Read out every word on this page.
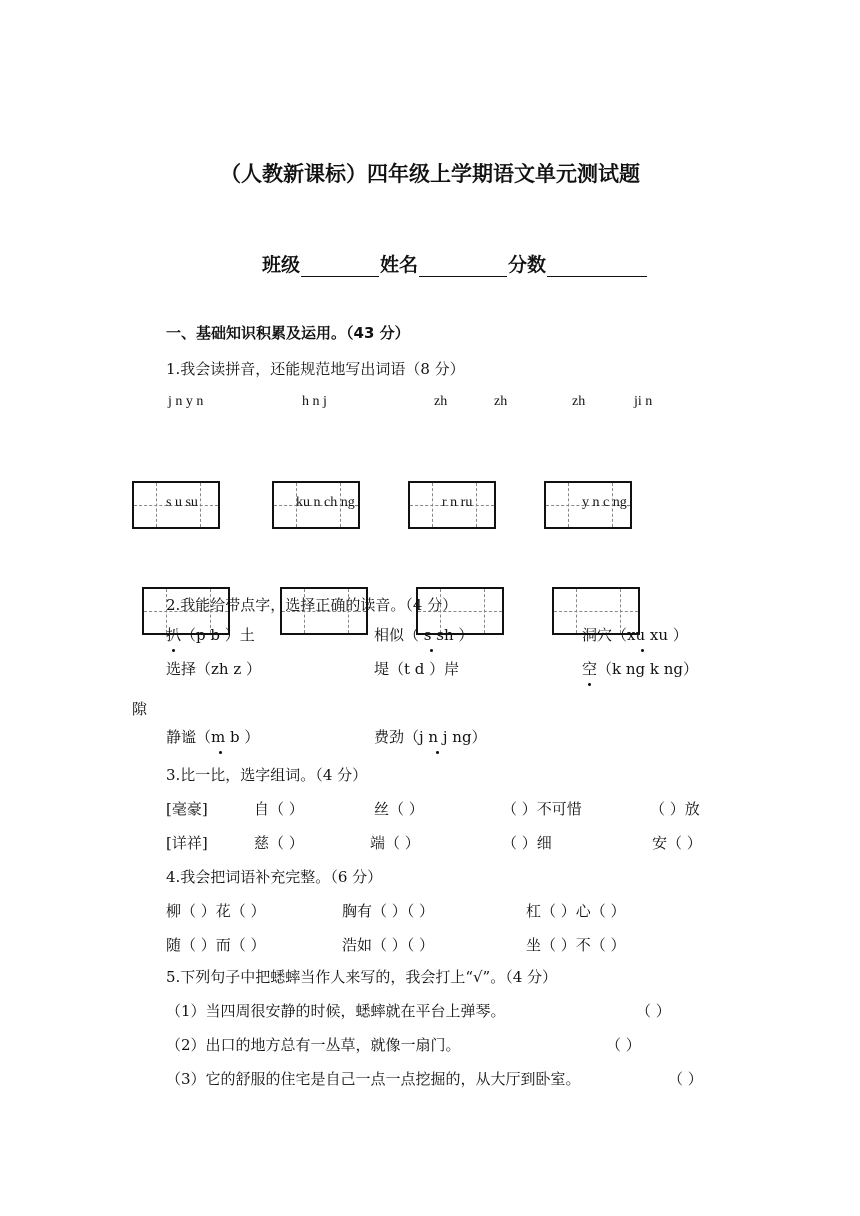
（人教新课标）四年级上学期语文单元测试题
班级	姓名	分数
一、基础知识积累及运用。（43 分）
1.我会读拼音，还能规范地写出词语（8 分）
j n y n	h n j	zh	zh	zh	ji n
s u su	ku n ch ng	r n ru	y n c ng
2.我能给带点字，选择正确的读音。（4 分）
扒（p b ）土	相似（ s sh ）	洞穴（xu xu ）
选择（zh z ）	堤（t d ）岸	空（k ng k ng）
隙
静谧（m b ）	费劲（j n j ng）
3.比一比，选字组词。（4 分）
[毫豪]	自（ ）	丝（ ）	（ ）不可惜	（ ）放
[详祥]	慈（ ）	端（ ）	（ ）细	安（ ）
4.我会把词语补充完整。（6 分）
柳（ ）花（ ）	胸有（ ）（ ）	杠（ ）心（ ）
随（ ）而（ ）	浩如（ ）（ ）	坐（ ）不（ ）
5.下列句子中把蟋蟀当作人来写的，我会打上“√”。（4 分）
（1）当四周很安静的时候，蟋蟀就在平台上弹琴。	（ ）
（2）出口的地方总有一丛草，就像一扇门。	（ ）
（3）它的舒服的住宅是自己一点一点挖掘的，从大厅到卧室。	（ ）
